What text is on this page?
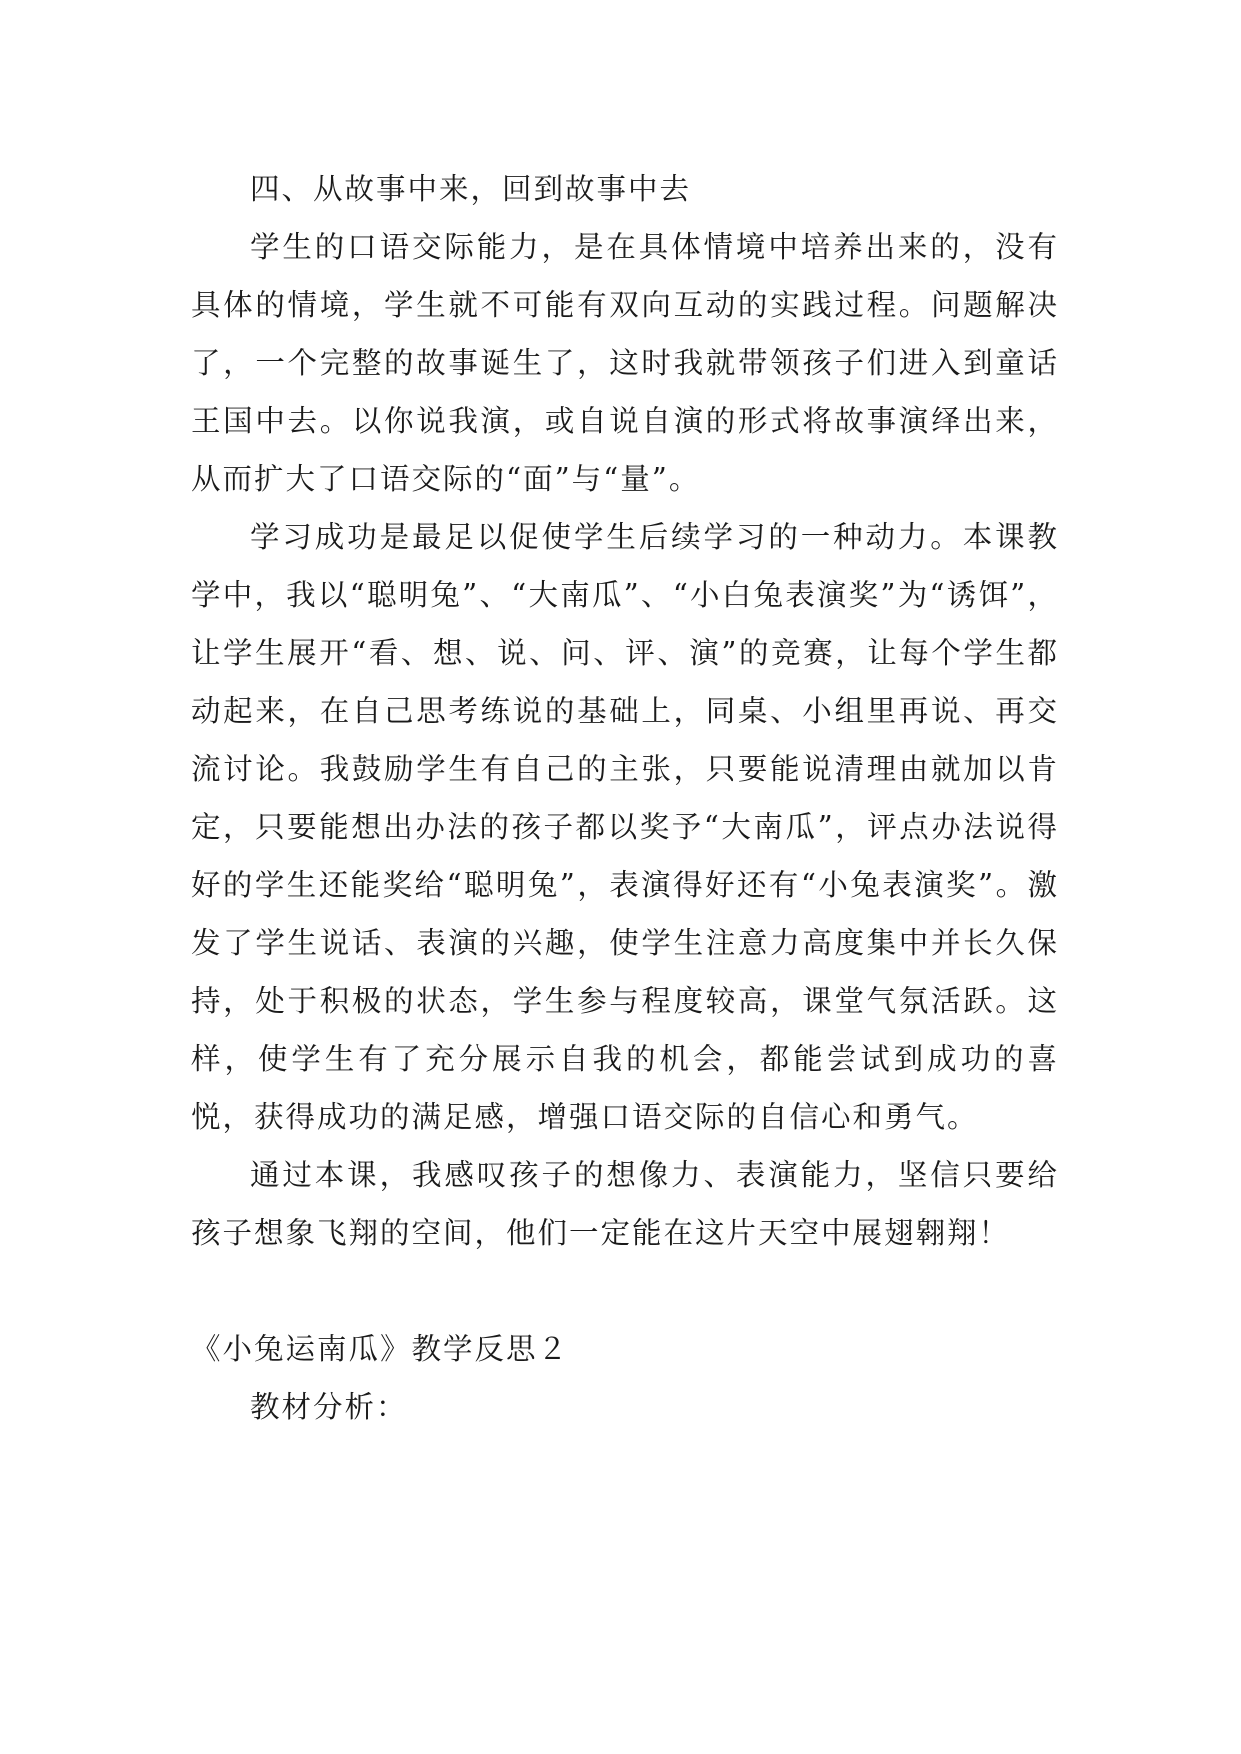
四、从故事中来，回到故事中去

学生的口语交际能力，是在具体情境中培养出来的，没有具体的情境，学生就不可能有双向互动的实践过程。问题解决了，一个完整的故事诞生了，这时我就带领孩子们进入到童话王国中去。以你说我演，或自说自演的形式将故事演绎出来，从而扩大了口语交际的“面”与“量”。

学习成功是最足以促使学生后续学习的一种动力。本课教学中，我以“聪明兔”、“大南瓜”、“小白兔表演奖”为“诱饵”，让学生展开“看、想、说、问、评、演”的竞赛，让每个学生都动起来，在自己思考练说的基础上，同桌、小组里再说、再交流讨论。我鼓励学生有自己的主张，只要能说清理由就加以肯定，只要能想出办法的孩子都以奖予“大南瓜”，评点办法说得好的学生还能奖给“聪明兔”，表演得好还有“小兔表演奖”。激发了学生说话、表演的兴趣，使学生注意力高度集中并长久保持，处于积极的状态，学生参与程度较高，课堂气氛活跃。这样，使学生有了充分展示自我的机会，都能尝试到成功的喜悦，获得成功的满足感，增强口语交际的自信心和勇气。

通过本课，我感叹孩子的想像力、表演能力，坚信只要给孩子想象飞翔的空间，他们一定能在这片天空中展翅翱翔！

《小兔运南瓜》教学反思２

教材分析：
